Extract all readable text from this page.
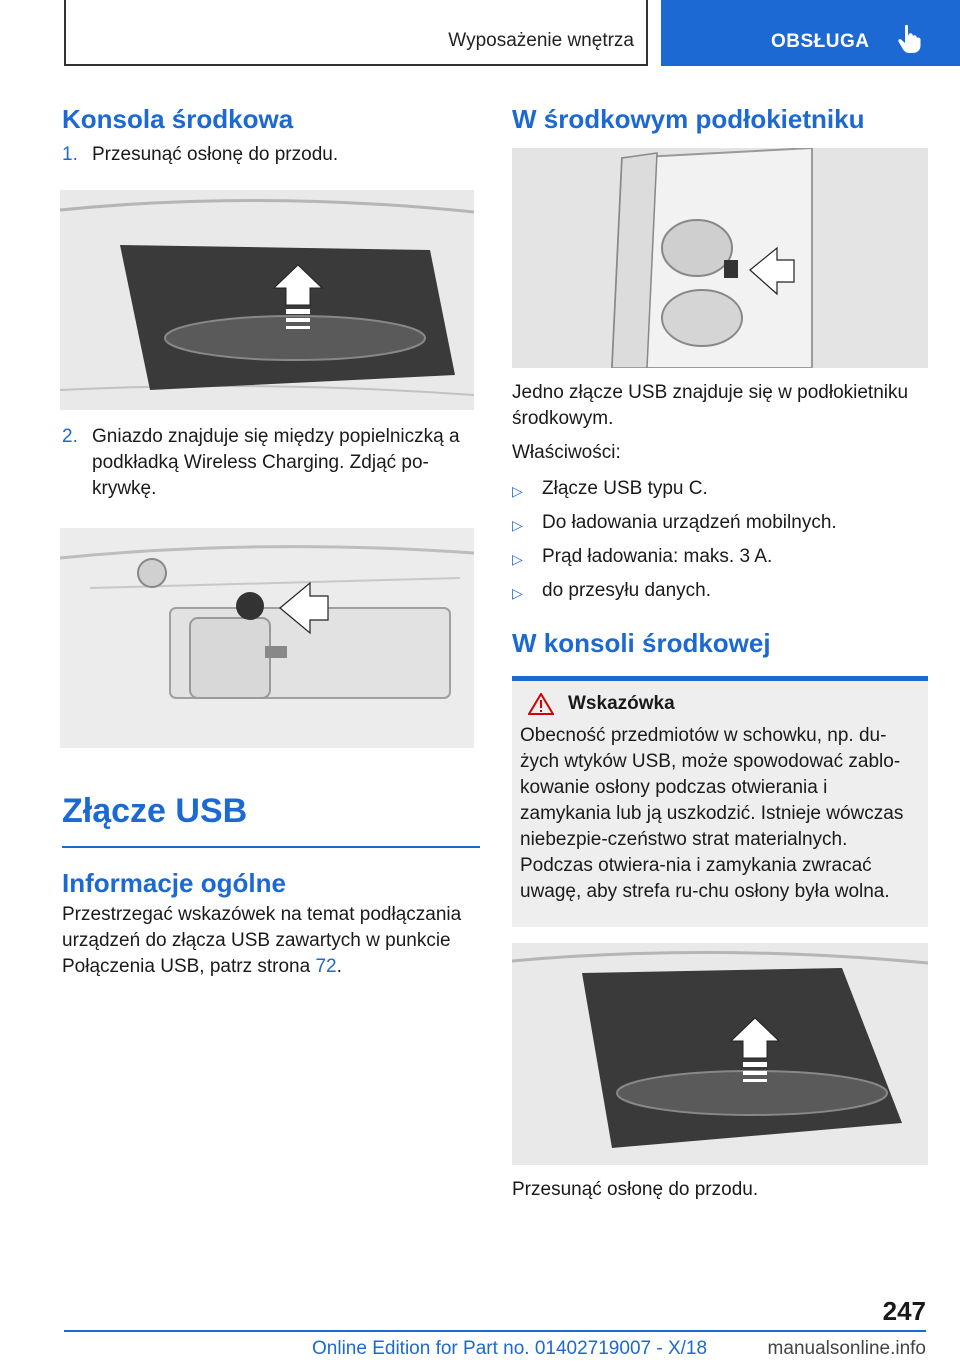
Wyposażenie wnętrza	OBSŁUGA
Konsola środkowa
1. Przesunąć osłonę do przodu.
2. Gniazdo znajduje się między popielniczką a podkładką Wireless Charging. Zdjąć po-krywkę.
Złącze USB
Informacje ogólne
Przestrzegać wskazówek na temat podłączania urządzeń do złącza USB zawartych w punkcie Połączenia USB, patrz strona 72.
W środkowym podłokietniku
Jedno złącze USB znajduje się w podłokietniku środkowym.
Właściwości:
▷	Złącze USB typu C.
▷	Do ładowania urządzeń mobilnych.
▷	Prąd ładowania: maks. 3 A.
▷	do przesyłu danych.
W konsoli środkowej
Wskazówka
Obecność przedmiotów w schowku, np. du-żych wtyków USB, może spowodować zablo-kowanie osłony podczas otwierania i zamykania lub ją uszkodzić. Istnieje wówczas niebezpie-czeństwo strat materialnych. Podczas otwiera-nia i zamykania zwracać uwagę, aby strefa ru-chu osłony była wolna.
Przesunąć osłonę do przodu.
247
Online Edition for Part no. 01402719007 - X/18	manualsonline.info
